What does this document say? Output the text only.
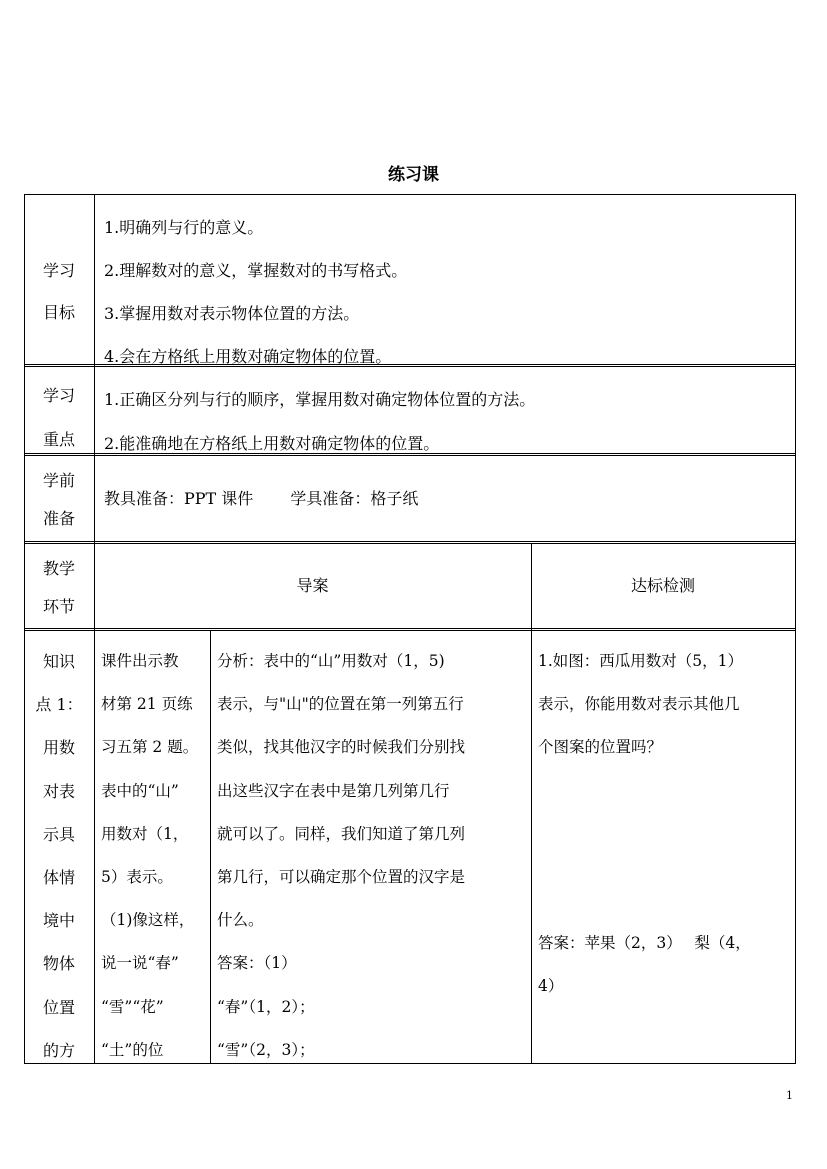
练习课
学习
目标
1.明确列与行的意义。
2.理解数对的意义，掌握数对的书写格式。
3.掌握用数对表示物体位置的方法。
4.会在方格纸上用数对确定物体的位置。
学习
重点
1.正确区分列与行的顺序，掌握用数对确定物体位置的方法。
2.能准确地在方格纸上用数对确定物体的位置。
学前
准备
教具准备：PPT 课件　　 学具准备：格子纸
教学
环节
导案	达标检测
知识
点 1：
用数
对表
示具
体情
境中
物体
位置
的方
课件出示教
材第 21 页练
习五第 2 题。
表中的“山”
用数对（1，
5）表示。
（1)像这样，
说一说“春”
“雪”“花”
“土”的位
分析：表中的“山”用数对（1，5)
表示，与"山"的位置在第一列第五行
类似，找其他汉字的时候我们分别找
出这些汉字在表中是第几列第几行
就可以了。同样，我们知道了第几列
第几行，可以确定那个位置的汉字是
什么。
答案：（1）
“春”（1，2）；
“雪”（2，3）；
1.如图：西瓜用数对（5，1）
表示，你能用数对表示其他几
个图案的位置吗？
答案：苹果（2，3）　 梨（4，
4）
1
